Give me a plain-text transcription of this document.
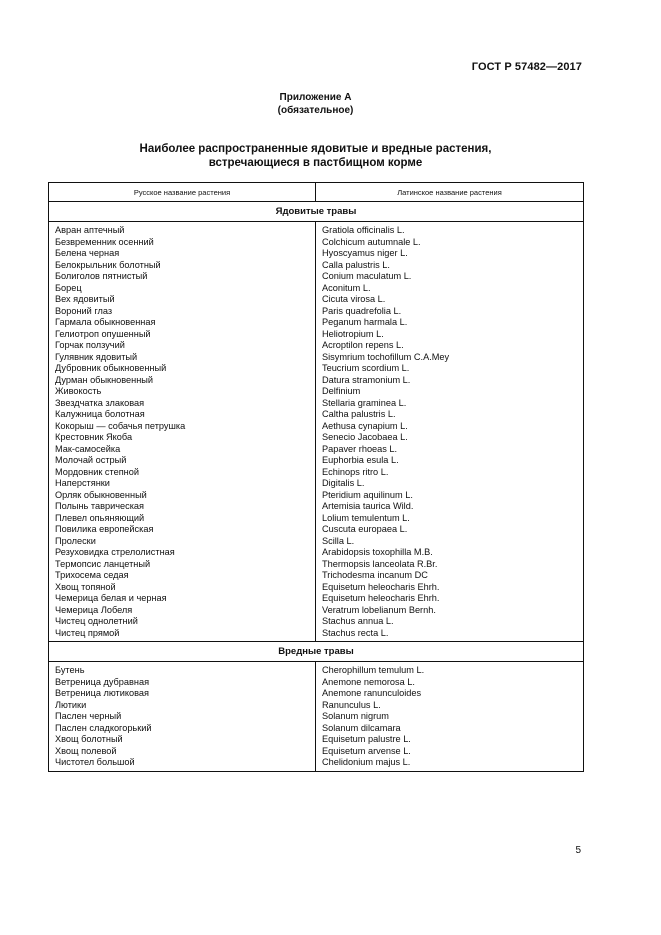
ГОСТ Р 57482—2017
Приложение А
(обязательное)
Наиболее распространенные ядовитые и вредные растения,
встречающиеся в пастбищном корме
Русское название растения	Латинское название растения
Ядовитые травы	
Авран аптечный	Gratiola officinalis L.
Безвременник осенний	Colchicum autumnale L.
Белена черная	Hyoscyamus niger L.
Белокрыльник болотный	Calla palustris L.
Болиголов пятнистый	Conium maculatum L.
Борец	Aconitum L.
Вех ядовитый	Cicuta virosa L.
Вороний глаз	Paris quadrefolia L.
Гармала обыкновенная	Peganum harmala L.
Гелиотроп опушенный	Heliotropium L.
Горчак ползучий	Acroptilon repens L.
Гулявник ядовитый	Sisymrium tochofillum C.A.Mey
Дубровник обыкновенный	Teucrium scordium L.
Дурман обыкновенный	Datura stramonium L.
Живокость	Delfinium
Звездчатка злаковая	Stellaria graminea L.
Калужница болотная	Caltha palustris L.
Кокорыш — собачья петрушка	Aethusa cynapium L.
Крестовник Якоба	Senecio Jacobaea L.
Мак-самосейка	Papaver rhoeas L.
Молочай острый	Euphorbia esula L.
Мордовник степной	Echinops ritro L.
Наперстянки	Digitalis L.
Орляк обыкновенный	Pteridium aquilinum L.
Полынь таврическая	Artemisia taurica Wild.
Плевел опьяняющий	Lolium temulentum L.
Повилика европейская	Cuscuta europaea L.
Пролески	Scilla L.
Резуховидка стрелолистная	Arabidopsis toxophilla M.B.
Термопсис ланцетный	Thermopsis lanceolata R.Br.
Трихосема седая	Trichodesma incanum DC
Хвощ топяной	Equisetum heleocharis Ehrh.
Чемерица белая и черная	Equisetum heleocharis Ehrh.
Чемерица Лобеля	Veratrum lobelianum Bernh.
Чистец однолетний	Stachus annua L.
Чистец прямой	Stachus recta L.
Вредные травы	
Бутень	Cherophillum temulum L.
Ветреница дубравная	Anemone nemorosa L.
Ветреница лютиковая	Anemone ranunculoides
Лютики	Ranunculus L.
Паслен черный	Solanum nigrum
Паслен сладкогорький	Solanum dilcamara
Хвощ болотный	Equisetum palustre L.
Хвощ полевой	Equisetum arvense L.
Чистотел большой	Chelidonium majus L.
5
